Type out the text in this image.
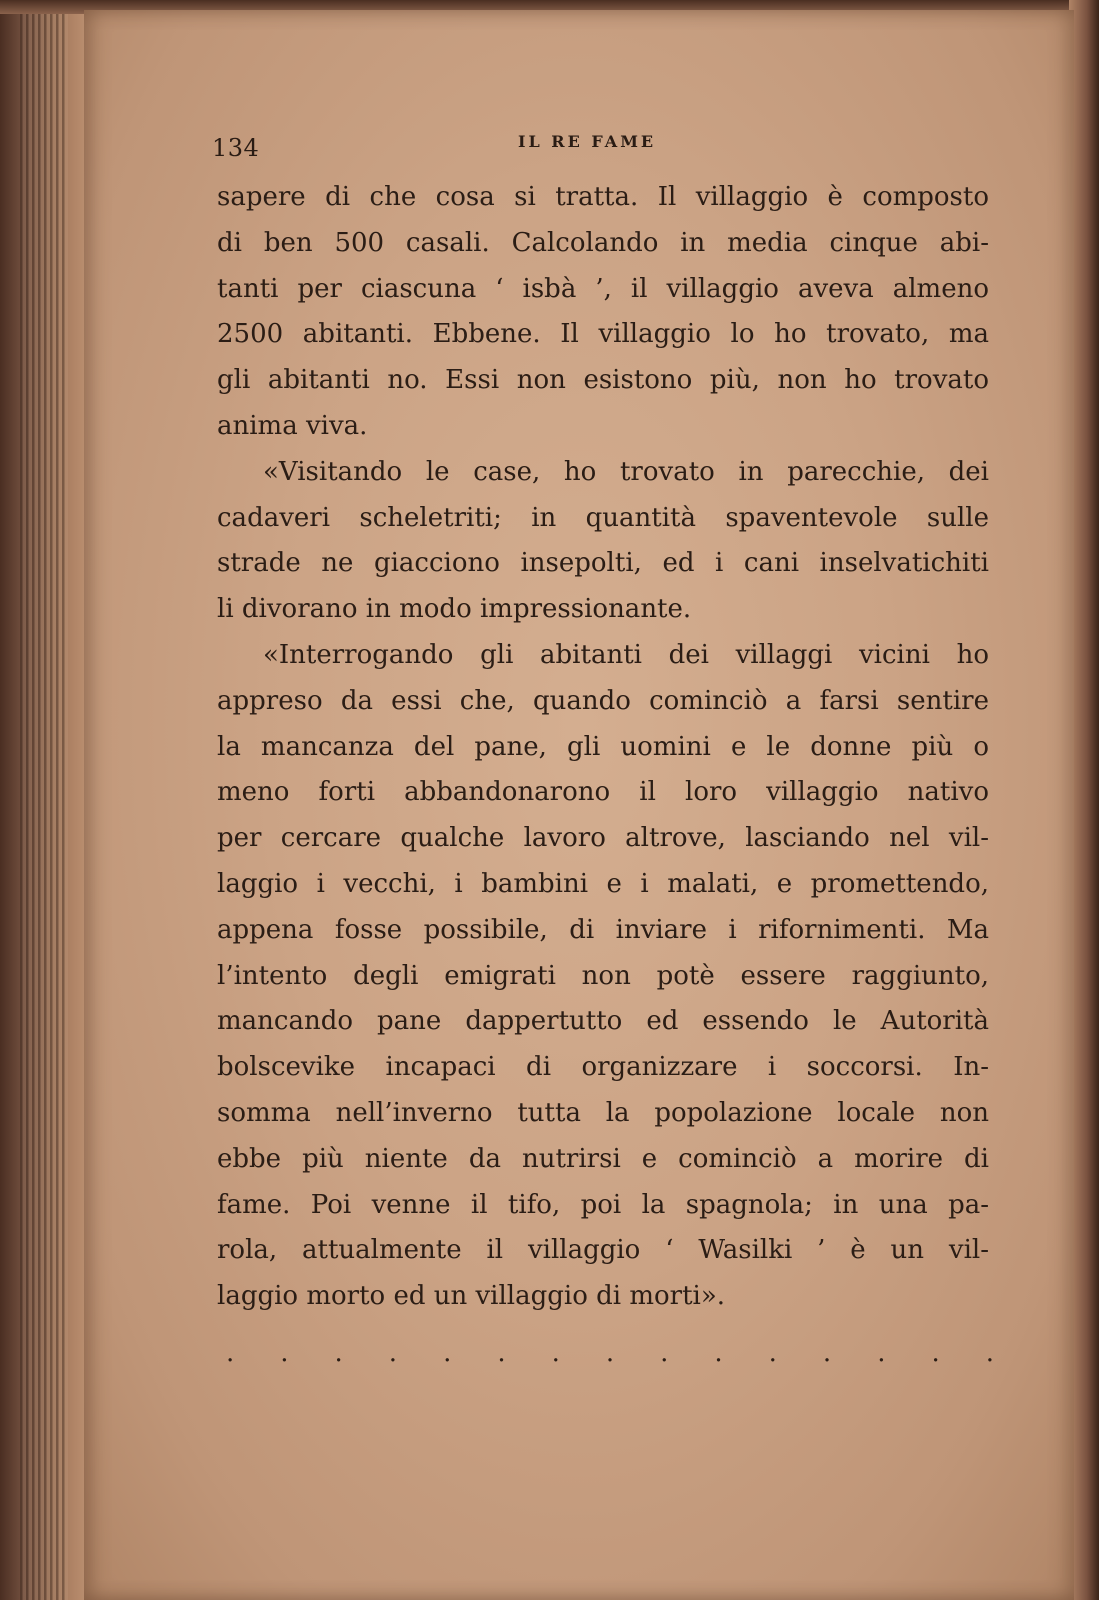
134	IL RE FAME
sapere di che cosa si tratta. Il villaggio è composto
di ben 500 casali. Calcolando in media cinque abi-
tanti per ciascuna ‘ isbà ’, il villaggio aveva almeno
2500 abitanti. Ebbene. Il villaggio lo ho trovato, ma
gli abitanti no. Essi non esistono più, non ho trovato
anima viva.
«Visitando le case, ho trovato in parecchie, dei
cadaveri scheletriti; in quantità spaventevole sulle
strade ne giacciono insepolti, ed i cani inselvatichiti
li divorano in modo impressionante.
«Interrogando gli abitanti dei villaggi vicini ho
appreso da essi che, quando cominciò a farsi sentire
la mancanza del pane, gli uomini e le donne più o
meno forti abbandonarono il loro villaggio nativo
per cercare qualche lavoro altrove, lasciando nel vil-
laggio i vecchi, i bambini e i malati, e promettendo,
appena fosse possibile, di inviare i rifornimenti. Ma
l’intento degli emigrati non potè essere raggiunto,
mancando pane dappertutto ed essendo le Autorità
bolscevike incapaci di organizzare i soccorsi. In-
somma nell’inverno tutta la popolazione locale non
ebbe più niente da nutrirsi e cominciò a morire di
fame. Poi venne il tifo, poi la spagnola; in una pa-
rola, attualmente il villaggio ‘ Wasilki ’ è un vil-
laggio morto ed un villaggio di morti».
. . . . . . . . . . . . . . .
